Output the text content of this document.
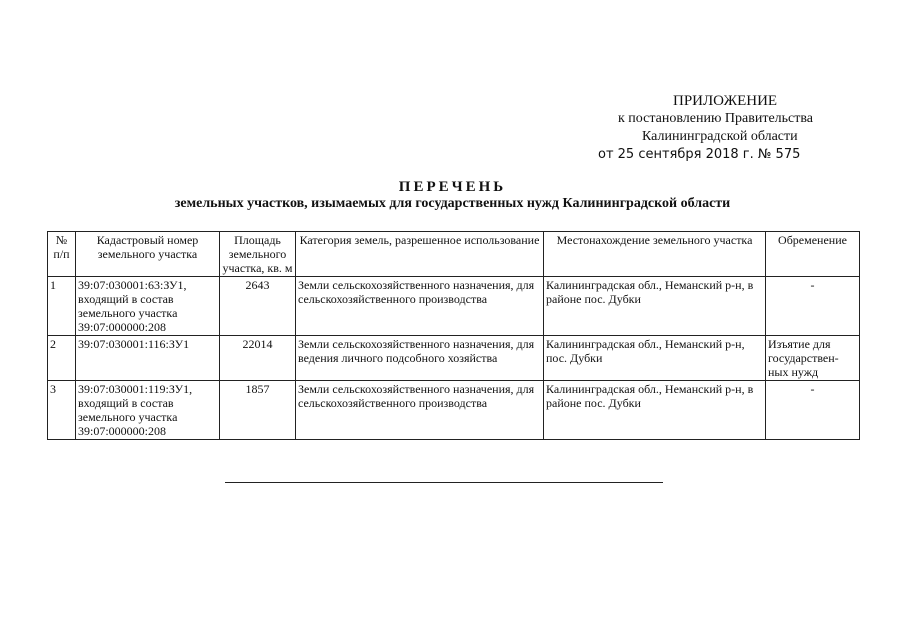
ПРИЛОЖЕНИЕ
к постановлению Правительства
Калининградской области
от 25 сентября 2018 г. № 575
ПЕРЕЧЕНЬ
земельных участков, изымаемых для государственных нужд Калининградской области
№ п/п	Кадастровый номер земельного участка	Площадь земельного участка, кв. м	Категория земель, разрешенное использование	Местонахождение земельного участка	Обременение
1	39:07:030001:63:ЗУ1, входящий в состав земельного участка 39:07:000000:208	2643	Земли сельскохозяйственного назначения, для сельскохозяйственного производства	Калининградская обл., Неманский р-н, в районе пос. Дубки	-
2	39:07:030001:116:ЗУ1	22014	Земли сельскохозяйственного назначения, для ведения личного подсобного хозяйства	Калининградская обл., Неманский р-н, пос. Дубки	Изъятие для государствен-ных нужд
3	39:07:030001:119:ЗУ1, входящий в состав земельного участка 39:07:000000:208	1857	Земли сельскохозяйственного назначения, для сельскохозяйственного производства	Калининградская обл., Неманский р-н, в районе пос. Дубки	-
